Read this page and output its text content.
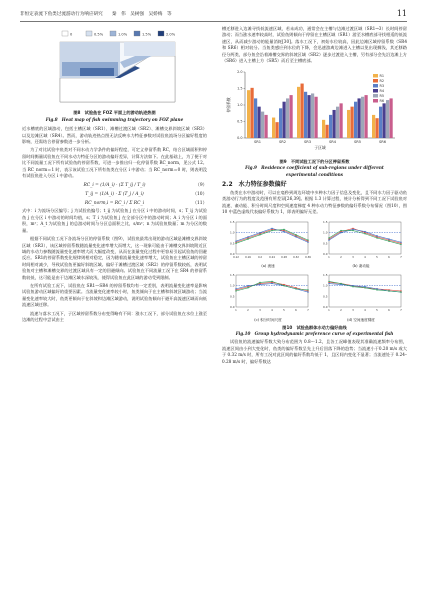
非恒定表流下鱼类过流游动行为响应研究　　秦　伟　吴树强　吴娇梅　等	11
0	0.5%	1.0%	1.5%	2.0%
图8　试验鱼在 FOZ 平面上的游动轨迹热图
Fig.8　Heat map of fish swimming trajectory on FOZ plane

近水槽底的区域游动，包括主槽区域（SR1）、滩槽过渡区域（SR2）、滩槽交界斜坡区域（SR3）以及边滩区域（SR4）。然而，游动轨迹热点图无法反映水力特征参数对试验鱼流场分区偏好程度的影响，还需结合停留参数进一步分析。

为了对比试验中鱼类对不同水动力学条件的偏好程度，可定义停留系数 RC，结合区域面积和停留时间衡量试验鱼在不同水动力特征分区的游动偏好差异，计算方法如下。在此基础上，为了便于对比不同流量工况下所有试验鱼的停留系数，可进一步推出归一化停留系数 RC_norm，见公式 12。当 RC_norm＝1 时，表示该试验工况下所有鱼类在分区 i 中游动；当 RC_norm＝0 时，则表明没有试验鱼进入分区 i 中游动。

RC_i = (1/A_i) · (Σ T_ij / T_i)	（9）
T_ij = (1/A_i) · Σ (T_j / A_i)	（10）
RC_norm,i = RC_i / Σ RC_i	（11）

式中：i 为流场分区编号；j 为试验鱼编号；t_ij 为试验鱼 j 在分区 i 中的游动时间，s；T_ij 为试验鱼 j 在分区 i 中游动的时间均值，s；T_i 为试验鱼 j 在全部分区中的游动时间；A_i 为分区 i 的面积，m²；A_t 为试验鱼 j 的总游动时间与分区总面积之比，s/m²；n 为试验鱼数量；m 为分区的数量。

根据不同试验工况下各流场分区的停留系数（图9），试验鱼最常出现的游动区域是滩槽交界斜坡区域（SR3），该区域停留系数随流量变化速率增大而增大，这一现象可能由于滩槽交界斜坡附近区域的水动力参数随流量变化速率增大而大幅度改变，从而在流量变化过程中更容易引起试验鱼的回避反应。SR1的停留系数变化规律则相对稳定，因为随着流量变化速率增大，试验鱼在主槽区域的停留时间相对减少，导致试验鱼更偏好斜坡区域。偏好于滩槽过渡区域（SR2）的停留系数较低，表明试验鱼对主槽和滩槽交界的过渡区域具有一定的回避倾向。试验鱼在不同流量工况下在 SR4 的停留系数较低，这可能是由于边滩区域水深较浅，使得试验鱼在此区域的游动受到限制。

在所有试验工况下，试验鱼在 SR1—SR4 的停留系数均有一定差别，表明流量变化速率是影响试验鱼游动区域偏好的重要因素。当流量变化速率较小时，鱼类倾向于在主槽和斜坡区域游动；当流量变化速率较大时，鱼类更倾向于在斜坡和边滩区域游动，说明试验鱼倾向于避开高流速区域而向低流速区域迁移。

流速与落水工况下，子区域停留系数分布变得略有不同：涨水工况下，部分试验鱼在水位上涨至边滩的过程中尝试由主

槽迁移进入边滩寻找低流速区域，若未成功，通常会在主槽与边滩过渡区域（SR1→3）长时间停留游动；而当涨水速率较高时，试验鱼则倾向于停留在主槽区域（SR1）游至水槽底部寻找相适的低流速区，从而减少游动的能量消耗[30]。落水工况下，初始水位较高，因此边滩区域停留系数（SR4 和 SR6）相对较分。当鱼类感应到水位的下降，会迅速游离边滩进入主槽以免出现搁浅，其迁移路径分两类，部分鱼会沿着滩槽交界的斜坡区域（SR2）逐步过渡进入主槽，另有部分会先沿边滩上方（SR6）进入主槽上方（SR5）而后至主槽底部。

0.0
0.5
1.0
1.5
2.0
停留系数
SR1	SR2	SR3	SR4	SR5	SR6
子区域
R1
R2
R3
R4
R5
R6
图9　不同试验工况下的分区停留系数
Fig.9　Residence coefficient of sub-regions under different
experimental conditions
2.2　水力特征参数偏好

鱼类在水中游动时，可以在毫秒到周边环境中多种水力因子信息及变化，且不同水力因子驱动鱼类游动行为的程度及范围有所差异[26,39]。根据 1.3 计算过程，统计分析得到不同工况下试验鱼对流速、紊动能、积分时间尺度和空间速度梯度 4 种水动力特征参数的偏好系数分布情况（图10），图10 中蓝色虚线代表偏好系数为 1，即表明偏好无差。

0.0
0.5
1.0
1.5
0.12 0.16	0.2	0.24 0.28 0.32 0.36
(a) 流速
0.0
0.5
1.0
1.5
1	2	3	4	5	6	7
(b) 紊动能
0.0
0.5
1.0
1.5
1	2	3	4	5	6	7
(c) 积分时间尺度
0.0
0.5
1.0
1.5
1	2	3	4	5	6	7
(d) 空间速度梯度
图10　试验鱼群体水动力偏好曲线
Fig.10　Group hydrodynamic preference curve of experimental fish

试验鱼的流速偏好系数大致分布范围为 0.8～1.2，且各工况峰值表现其准确流速频率分布图，流速区间由小到大变化时，鱼类的偏好系数呈先上升后回落下降的趋势；当流速小于0.20 m/s 或大于 0.32 m/s 时，所有工况对此区间的偏好系数均低于 1，且区间内变化不显著；当流速处于 0.24–0.28 m/s 时，偏好系数达
